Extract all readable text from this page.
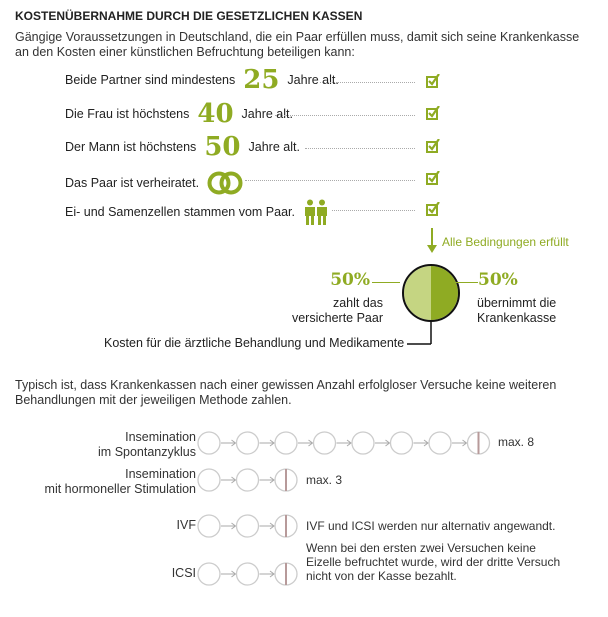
KOSTENÜBERNAHME DURCH DIE GESETZLICHEN KASSEN
Gängige Voraussetzungen in Deutschland, die ein Paar erfüllen muss, damit sich seine Krankenkasse an den Kosten einer künstlichen Befruchtung beteiligen kann:
Beide Partner sind mindestens 25 Jahre alt.
Die Frau ist höchstens 40 Jahre alt.
Der Mann ist höchstens 50 Jahre alt.
Das Paar ist verheiratet.
Ei- und Samenzellen stammen vom Paar.
Alle Bedingungen erfüllt
50%
zahlt das
versicherte Paar
50%
übernimmt die
Krankenkasse
Kosten für die ärztliche Behandlung und Medikamente
Typisch ist, dass Krankenkassen nach einer gewissen Anzahl erfolgloser Versuche keine weiteren Behandlungen mit der jeweiligen Methode zahlen.
Insemination
im Spontanzyklus
max. 8
Insemination
mit hormoneller Stimulation
max. 3
IVF	IVF und ICSI werden nur alternativ angewandt.
ICSI
Wenn bei den ersten zwei Versuchen keine
Eizelle befruchtet wurde, wird der dritte Versuch
nicht von der Kasse bezahlt.
